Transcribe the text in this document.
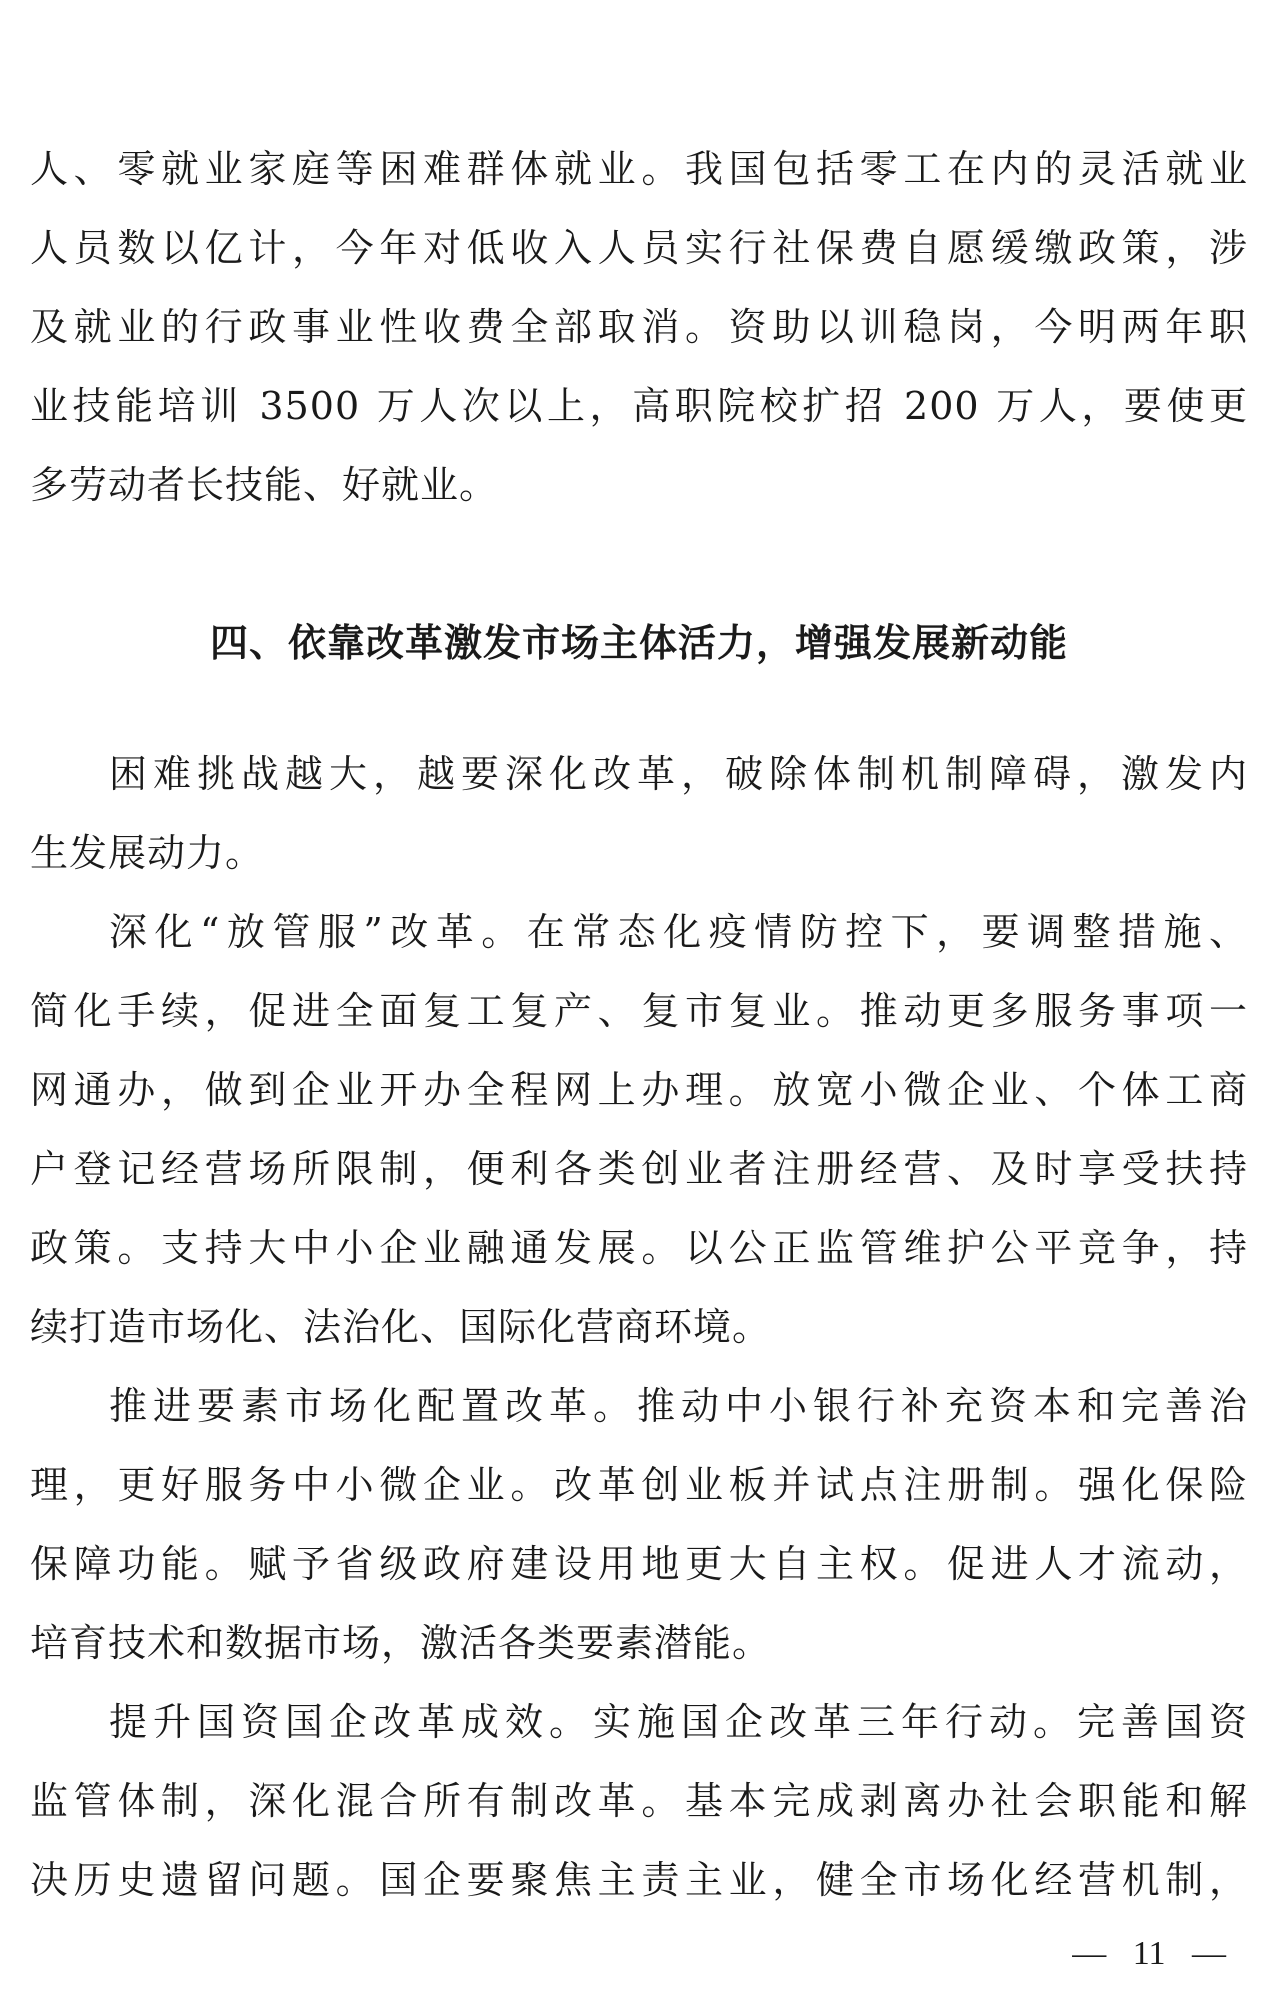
人、零就业家庭等困难群体就业。我国包括零工在内的灵活就业
人员数以亿计，今年对低收入人员实行社保费自愿缓缴政策，涉
及就业的行政事业性收费全部取消。资助以训稳岗，今明两年职
业技能培训 3500 万人次以上，高职院校扩招 200 万人，要使更
多劳动者长技能、好就业。
四、依靠改革激发市场主体活力，增强发展新动能
困难挑战越大，越要深化改革，破除体制机制障碍，激发内
生发展动力。
深化“放管服”改革。在常态化疫情防控下，要调整措施、
简化手续，促进全面复工复产、复市复业。推动更多服务事项一
网通办，做到企业开办全程网上办理。放宽小微企业、个体工商
户登记经营场所限制，便利各类创业者注册经营、及时享受扶持
政策。支持大中小企业融通发展。以公正监管维护公平竞争，持
续打造市场化、法治化、国际化营商环境。
推进要素市场化配置改革。推动中小银行补充资本和完善治
理，更好服务中小微企业。改革创业板并试点注册制。强化保险
保障功能。赋予省级政府建设用地更大自主权。促进人才流动，
培育技术和数据市场，激活各类要素潜能。
提升国资国企改革成效。实施国企改革三年行动。完善国资
监管体制，深化混合所有制改革。基本完成剥离办社会职能和解
决历史遗留问题。国企要聚焦主责主业，健全市场化经营机制，
— 11 —
